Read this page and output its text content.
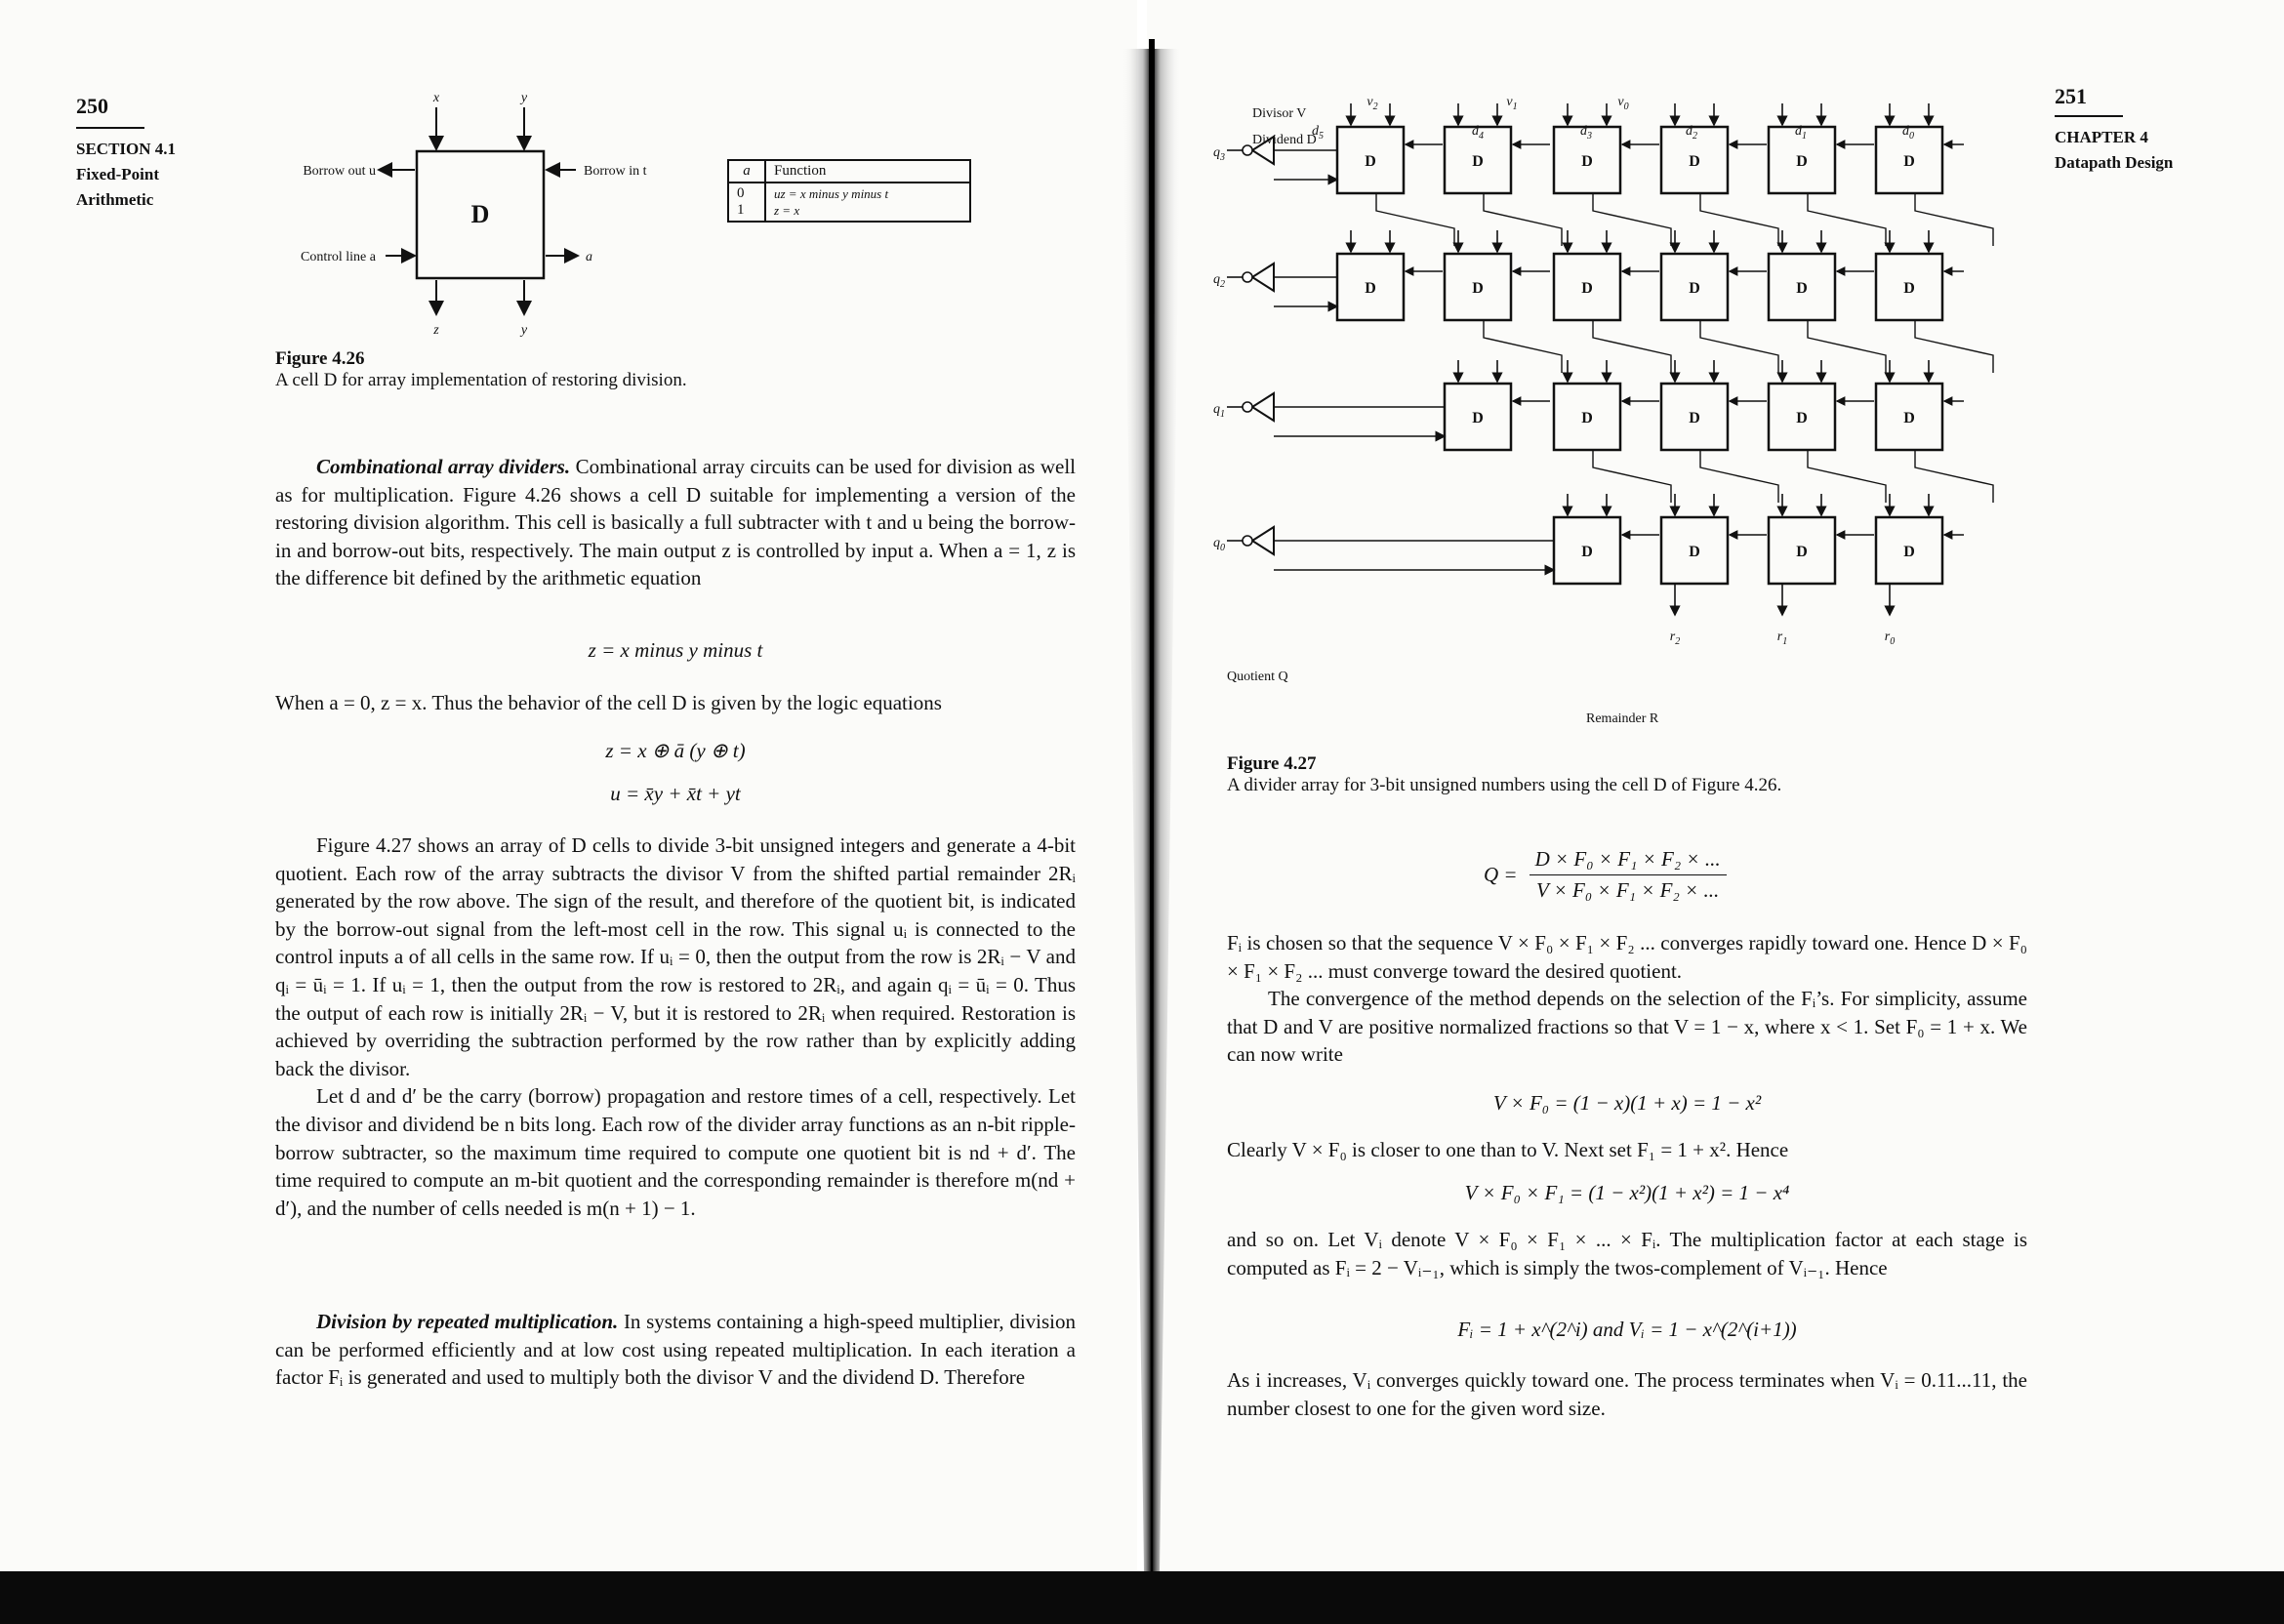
250
SECTION 4.1
Fixed-Point
Arithmetic
D
x	y
Borrow out u	Borrow in t
Control line a	a
z	y
a	Function
0	uz = x minus y minus t
1	z = x
Figure 4.26
A cell D for array implementation of restoring division.

Combinational array dividers. Combinational array circuits can be used for division as well as for multiplication. Figure 4.26 shows a cell D suitable for implementing a version of the restoring division algorithm. This cell is basically a full subtracter with t and u being the borrow-in and borrow-out bits, respectively. The main output z is controlled by input a. When a = 1, z is the difference bit defined by the arithmetic equation

z = x minus y minus t

When a = 0, z = x. Thus the behavior of the cell D is given by the logic equations

z = x ⊕ ā (y ⊕ t)
u = x̄y + x̄t + yt

Figure 4.27 shows an array of D cells to divide 3-bit unsigned integers and generate a 4-bit quotient. Each row of the array subtracts the divisor V from the shifted partial remainder 2Rᵢ generated by the row above. The sign of the result, and therefore of the quotient bit, is indicated by the borrow-out signal from the left-most cell in the row. This signal uᵢ is connected to the control inputs a of all cells in the same row. If uᵢ = 0, then the output from the row is 2Rᵢ − V and qᵢ = ūᵢ = 1. If uᵢ = 1, then the output from the row is restored to 2Rᵢ, and again qᵢ = ūᵢ = 0. Thus the output of each row is initially 2Rᵢ − V, but it is restored to 2Rᵢ when required. Restoration is achieved by overriding the subtraction performed by the row rather than by explicitly adding back the divisor.

Let d and d′ be the carry (borrow) propagation and restore times of a cell, respectively. Let the divisor and dividend be n bits long. Each row of the divider array functions as an n-bit ripple-borrow subtracter, so the maximum time required to compute one quotient bit is nd + d′. The time required to compute an m-bit quotient and the corresponding remainder is therefore m(nd + d′), and the number of cells needed is m(n + 1) − 1.

Division by repeated multiplication. In systems containing a high-speed multiplier, division can be performed efficiently and at low cost using repeated multiplication. In each iteration a factor Fᵢ is generated and used to multiply both the divisor V and the dividend D. Therefore

251
CHAPTER 4
Datapath Design
Divisor V
Dividend D
$d_5$
$v_2$
$d_4$
$v_1$
$d_3$
$v_0$
$d_2$	$d_1$	$d_0$
D	D	D	D	D	D
D	D	D	D	D	D
D	D	D	D	D
D	D	D	D
$q_3$
$q_2$
$q_1$
$q_0$
Quotient Q
Remainder R
$r_2$	$r_1$	$r_0$
Figure 4.27
A divider array for 3-bit unsigned numbers using the cell D of Figure 4.26.
$Q = \frac{\text{D × F₀ × F₁ × F₂ × ...}}{\text{V × F₀ × F₁ × F₂ × ...}}$

Fᵢ is chosen so that the sequence V × F₀ × F₁ × F₂ ... converges rapidly toward one. Hence D × F₀ × F₁ × F₂ ... must converge toward the desired quotient.

The convergence of the method depends on the selection of the Fᵢ’s. For simplicity, assume that D and V are positive normalized fractions so that V = 1 − x, where x < 1. Set F₀ = 1 + x. We can now write

V × F₀ = (1 − x)(1 + x) = 1 − x²

Clearly V × F₀ is closer to one than to V. Next set F₁ = 1 + x². Hence

V × F₀ × F₁ = (1 − x²)(1 + x²) = 1 − x⁴

and so on. Let Vᵢ denote V × F₀ × F₁ × ... × Fᵢ. The multiplication factor at each stage is computed as Fᵢ = 2 − Vᵢ₋₁, which is simply the twos-complement of Vᵢ₋₁. Hence

Fᵢ = 1 + x^(2^i) and Vᵢ = 1 − x^(2^(i+1))

As i increases, Vᵢ converges quickly toward one. The process terminates when Vᵢ = 0.11...11, the number closest to one for the given word size.
